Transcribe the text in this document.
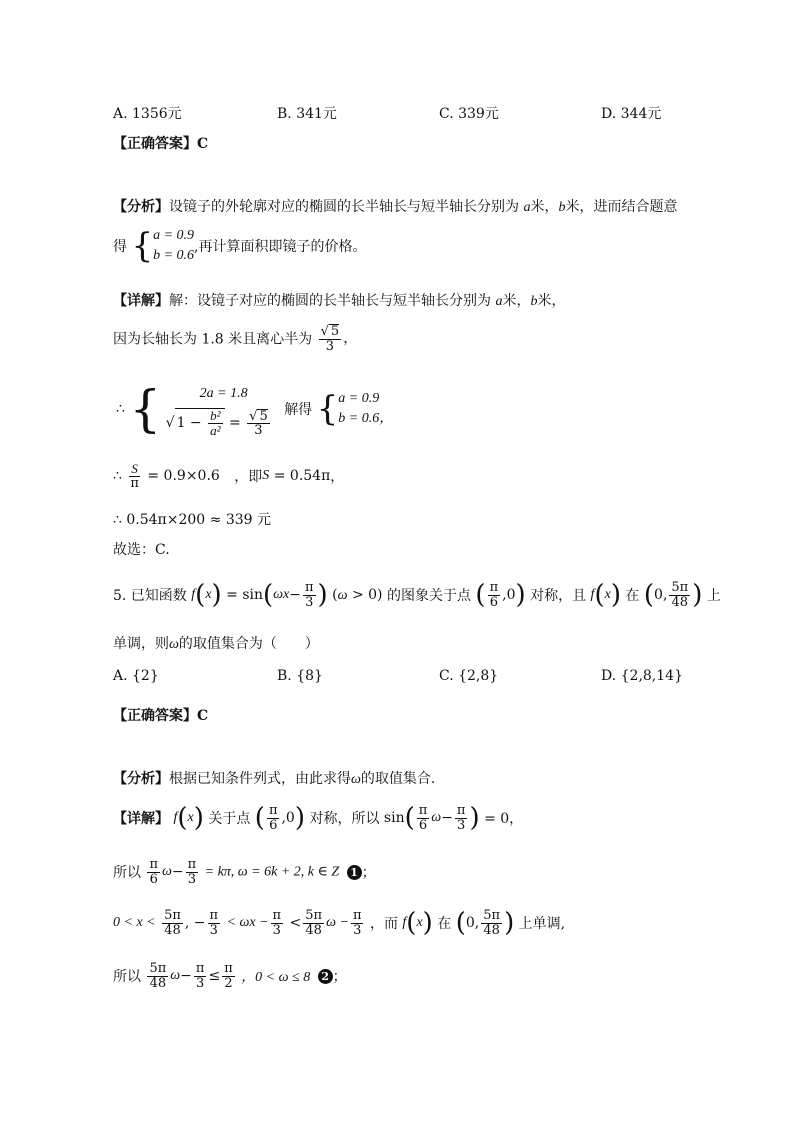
A. 1356元	B. 341元	C. 339元	D. 344元
【正确答案】C
【分析】设镜子的外轮廓对应的椭圆的长半轴长与短半轴长分别为 a米，b米，进而结合题意
得 { a = 0.9
b = 0.6
,再计算面积即镜子的价格。
【详解】解：设镜子对应的椭圆的长半轴长与短半轴长分别为 a米，b米，
因为长轴长为 1.8 米且离心半为 $\frac{√ 5}{3}$ ，
∴ {	2a = 1.8
√ $1 - \frac{\text{b²}}{\text{a²}} = \frac{√ 5}{3}$ 解得 { a = 0.9
b = 0.6，
∴ $\frac{S}{\pi} = 0.9\times 0.6$ ，即S = 0.54π，
∴ 0.54π×200 ≈ 339 元
故选：C.
5. 已知函数 $f(x) = \sin(\omega x- \frac{\pi}{3}$ ) (ω > 0) 的图象关于点 ( $\frac{\pi}{6} ,0$) 对称，且 f(x) 在 (0, $\frac{5\pi}{48}$ ) 上
单调，则ω的取值集合为（　　）
A. {2}	B. {8}	C. {2,8}	D. {2,8,14}
【正确答案】C
【分析】根据已知条件列式，由此求得ω的取值集合.
【详解】 f(x) 关于点 ( $\frac{\pi}{6} ,0$) 对称，所以 $\sin( \frac{\pi}{6} \omega- \frac{\pi}{3}$ ) = 0，
所以 $\frac{\pi}{6} \omega- \frac{\pi}{3} = k\pi$, ω = 6k + 2, k ∈ Z 1 ；
$0 < x < \frac{5\pi}{48}$ , − $\frac{\pi}{3} < \omega x - \frac{\pi}{3} < \frac{5\pi}{48}$ $\omega - \frac{\pi}{3}$ ，而 f(x) 在 (0, $\frac{5\pi}{48}$ ) 上单调,
所以 $\frac{5\pi}{48} \omega- \frac{\pi}{3} \le \frac{\pi}{2}$ ，0 < ω ≤ 8 2 ；
